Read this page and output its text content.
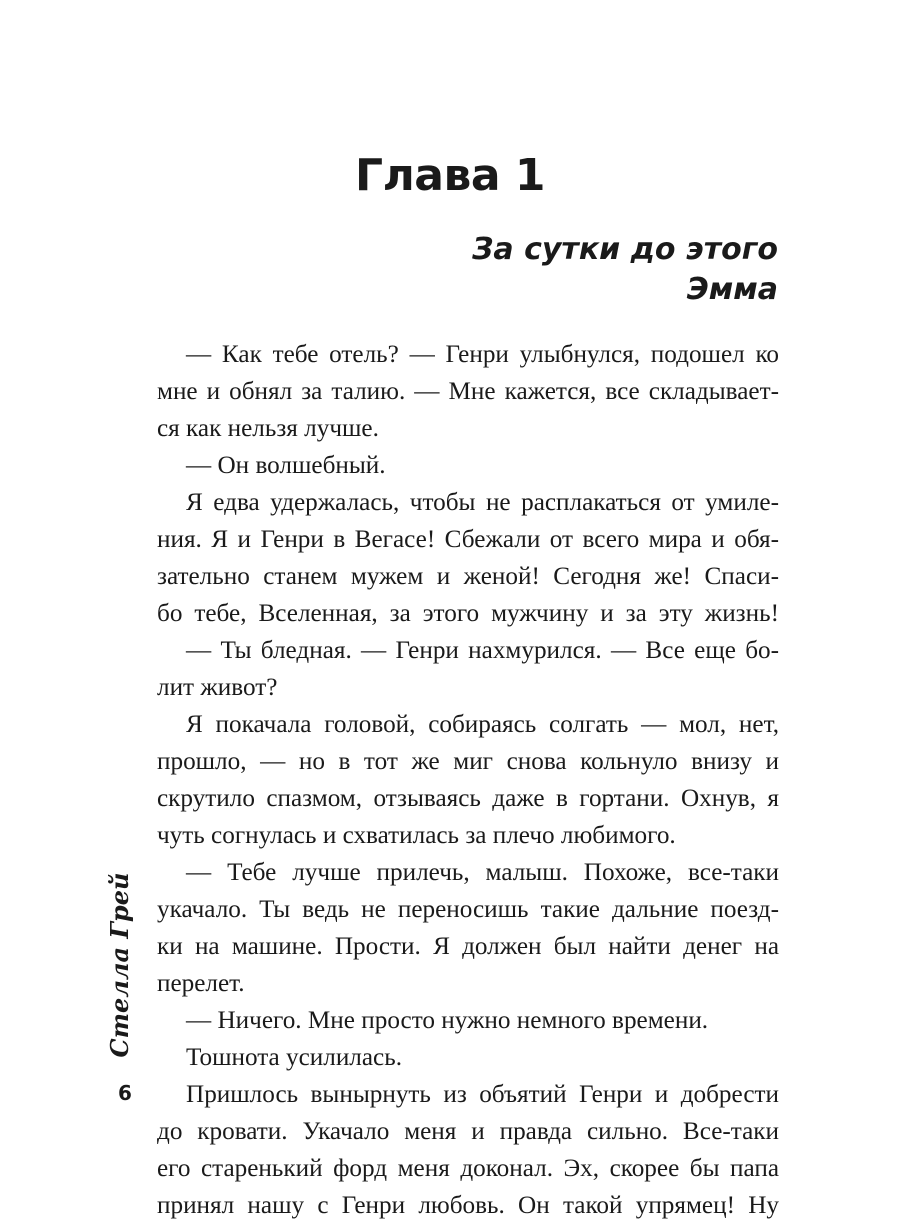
Глава 1
За сутки до этого
Эмма
— Как тебе отель? — Генри улыбнулся, подошел ко
мне и обнял за талию. — Мне кажется, все складывает-
ся как нельзя лучше.
— Он волшебный.
Я едва удержалась, чтобы не расплакаться от умиле-
ния. Я и Генри в Вегасе! Сбежали от всего мира и обя-
зательно станем мужем и женой! Сегодня же! Спаси-
бо тебе, Вселенная, за этого мужчину и за эту жизнь!
— Ты бледная. — Генри нахмурился. — Все еще бо-
лит живот?
Я покачала головой, собираясь солгать — мол, нет,
прошло, — но в тот же миг снова кольнуло внизу и
скрутило спазмом, отзываясь даже в гортани. Охнув, я
чуть согнулась и схватилась за плечо любимого.
— Тебе лучше прилечь, малыш. Похоже, все-таки
укачало. Ты ведь не переносишь такие дальние поезд-
ки на машине. Прости. Я должен был найти денег на
перелет.
— Ничего. Мне просто нужно немного времени.
Тошнота усилилась.
Пришлось вынырнуть из объятий Генри и добрести
до кровати. Укачало меня и правда сильно. Все-таки
его старенький форд меня доконал. Эх, скорее бы папа
принял нашу с Генри любовь. Он такой упрямец! Ну
Стелла Грей
6
